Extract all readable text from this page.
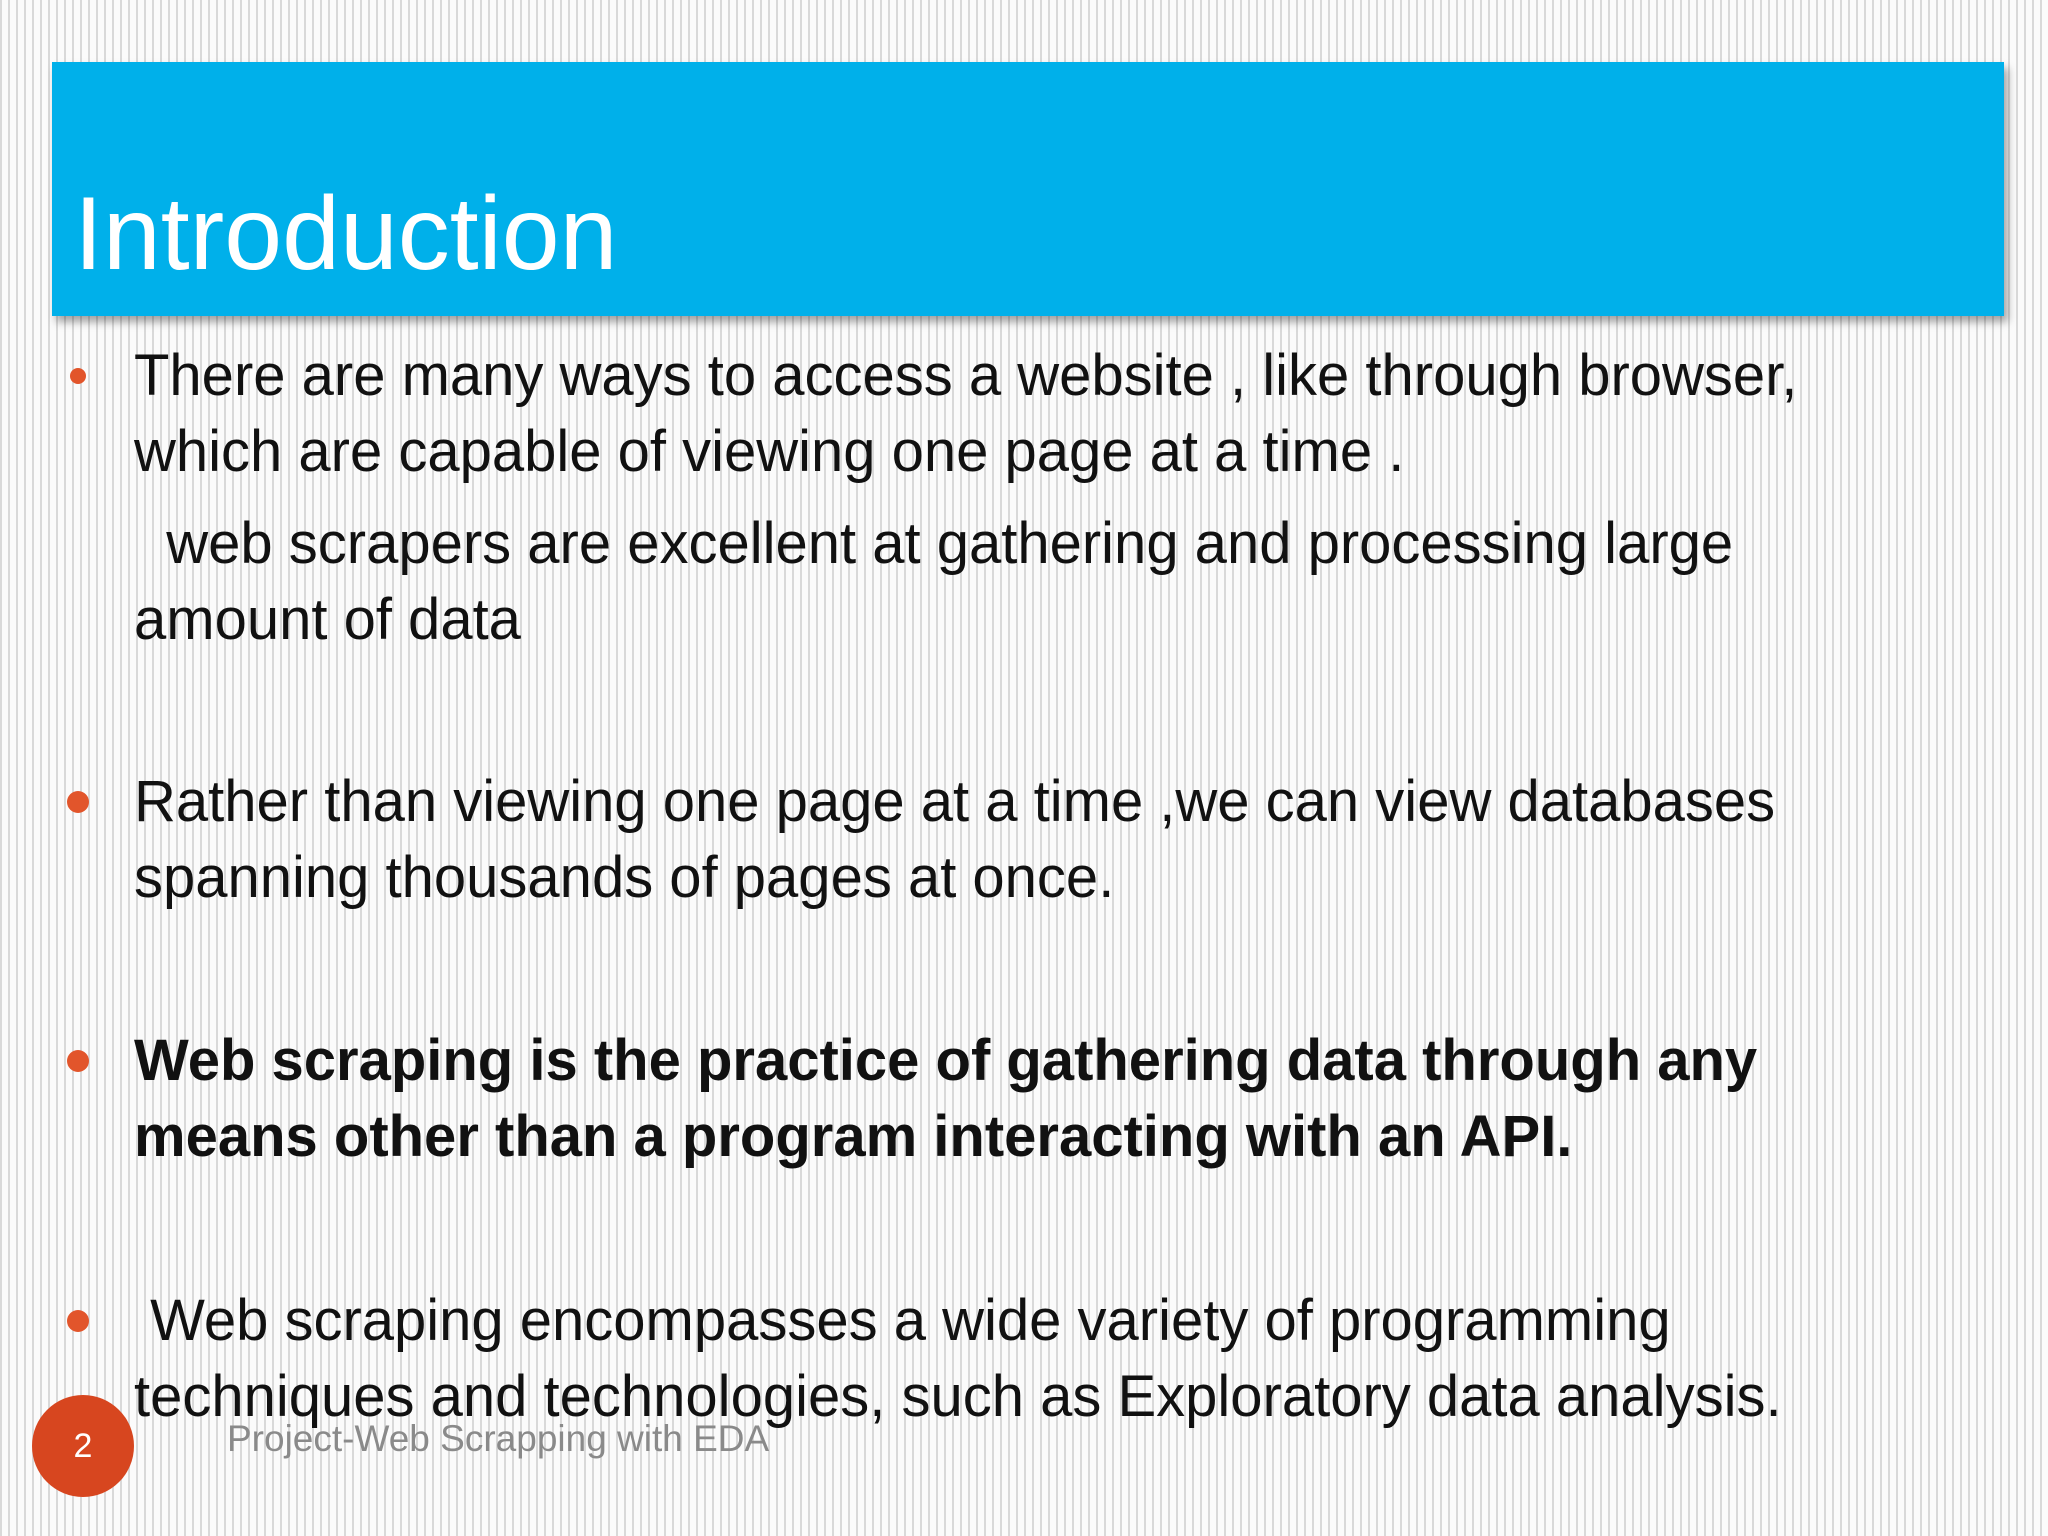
Introduction

There are many ways to access a website , like through browser,

which are capable of viewing one page at a time .

web scrapers are excellent at gathering and processing large

amount of data

Rather than viewing one page at a time ,we can view databases

spanning thousands of pages at once.

Web scraping is the practice of gathering data through any

means other than a program interacting with an API.

Web scraping encompasses a wide variety of programming

techniques and technologies, such as Exploratory data analysis.

2	Project-Web Scrapping with EDA
